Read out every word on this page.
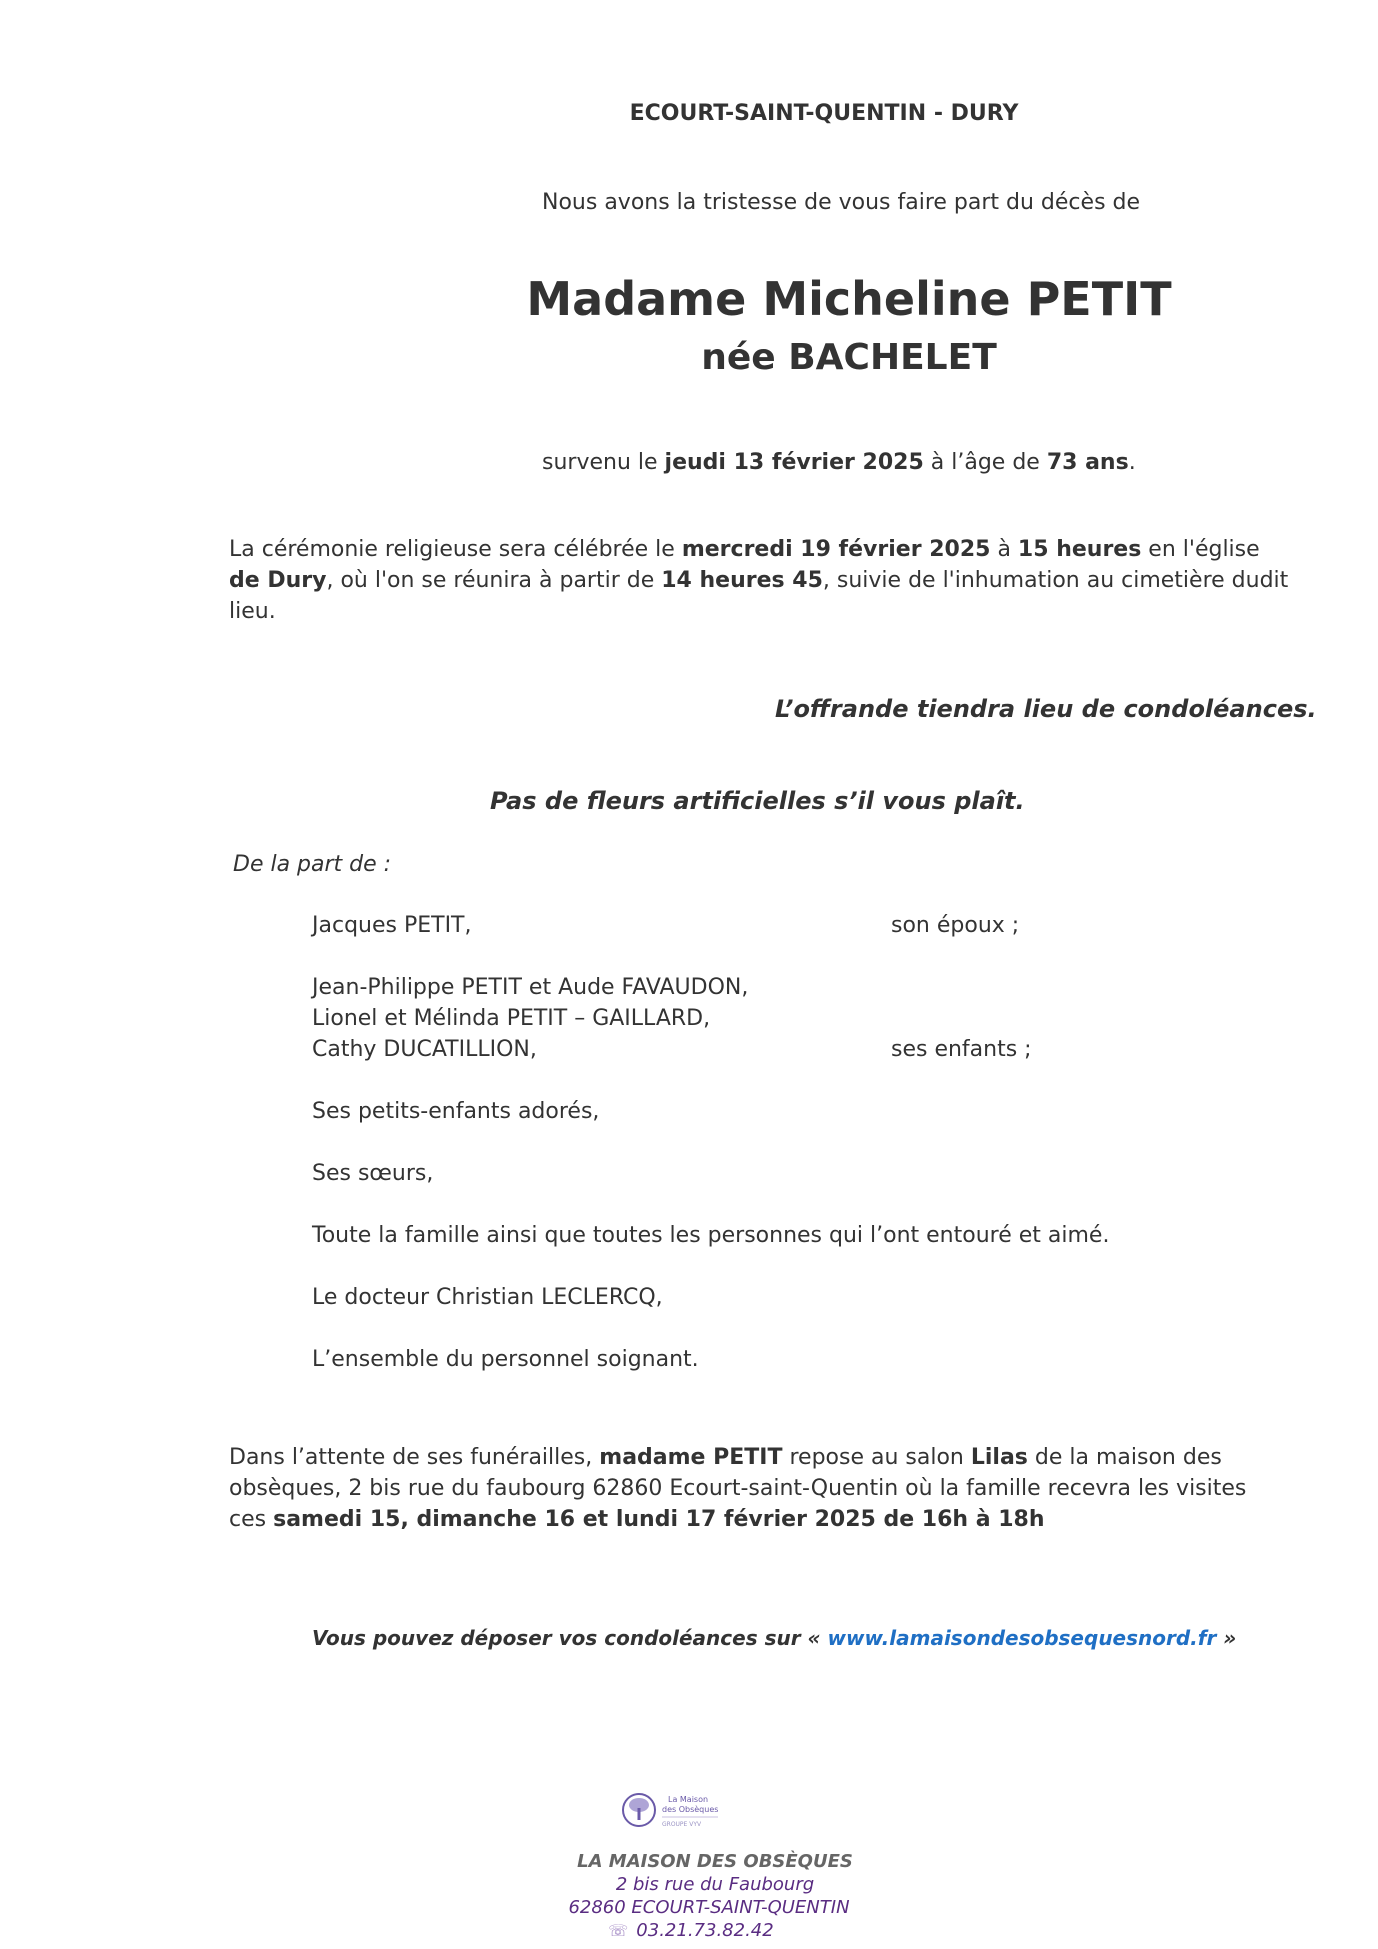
ECOURT-SAINT-QUENTIN - DURY
Nous avons la tristesse de vous faire part du décès de
Madame Micheline PETIT
née BACHELET
survenu le jeudi 13 février 2025 à l’âge de 73 ans.
La cérémonie religieuse sera célébrée le mercredi 19 février 2025 à 15 heures en l'église
de Dury, où l'on se réunira à partir de 14 heures 45, suivie de l'inhumation au cimetière dudit
lieu.
L’offrande tiendra lieu de condoléances.
Pas de fleurs artificielles s’il vous plaît.
De la part de :
Jacques PETIT,	son époux ;
Jean-Philippe PETIT et Aude FAVAUDON,
Lionel et Mélinda PETIT – GAILLARD,
Cathy DUCATILLION,	ses enfants ;
Ses petits-enfants adorés,
Ses sœurs,
Toute la famille ainsi que toutes les personnes qui l’ont entouré et aimé.
Le docteur Christian LECLERCQ,
L’ensemble du personnel soignant.
Dans l’attente de ses funérailles, madame PETIT repose au salon Lilas de la maison des
obsèques, 2 bis rue du faubourg 62860 Ecourt-saint-Quentin où la famille recevra les visites
ces samedi 15, dimanche 16 et lundi 17 février 2025 de 16h à 18h
Vous pouvez déposer vos condoléances sur « www.lamaisondesobsequesnord.fr »
La Maison
des Obsèques
GROUPE VYV
LA MAISON DES OBSÈQUES
2 bis rue du Faubourg
62860 ECOURT-SAINT-QUENTIN
☏ 03.21.73.82.42
